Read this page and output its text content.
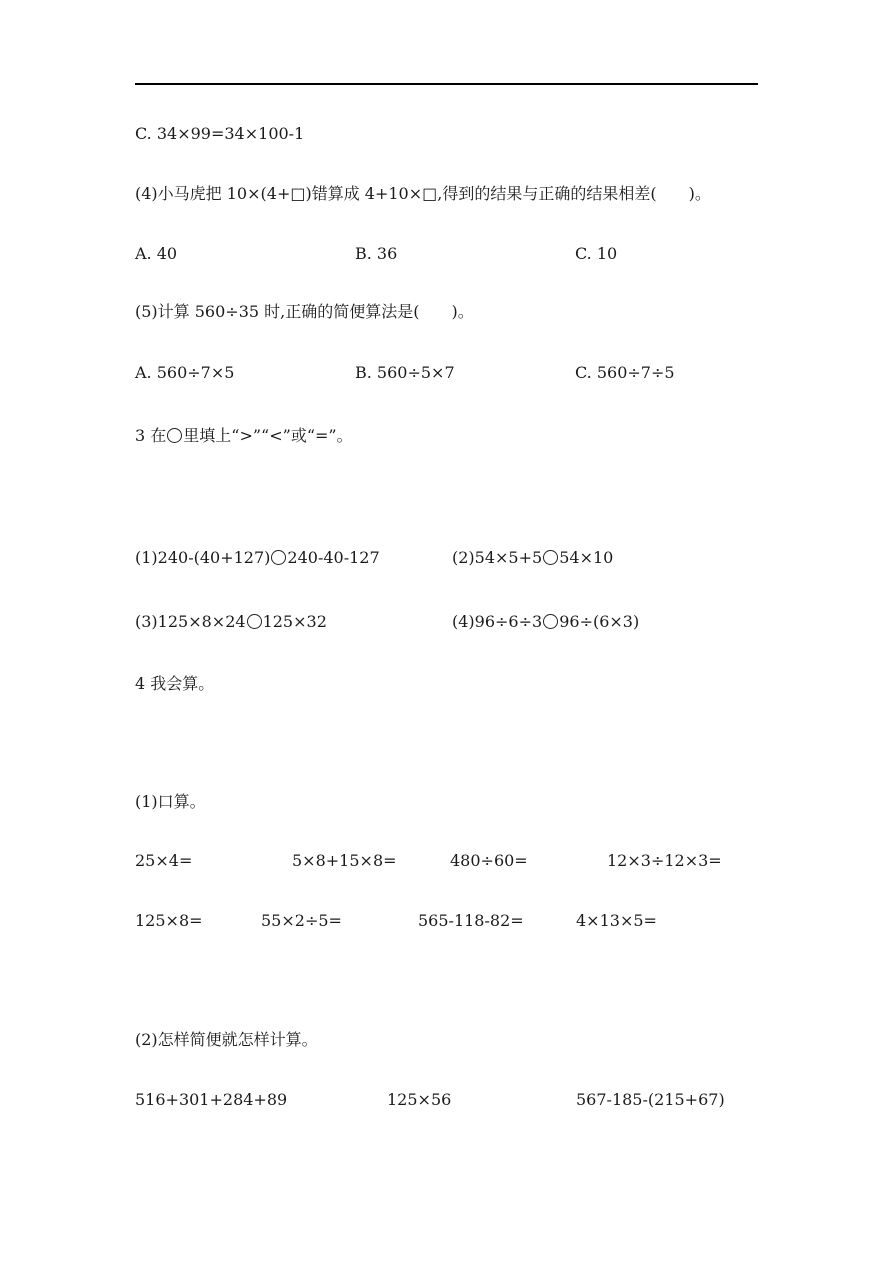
C. 34×99=34×100-1
(4)小马虎把 10×(4+□)错算成 4+10×□,得到的结果与正确的结果相差(　　)。
A. 40	B. 36	C. 10
(5)计算 560÷35 时,正确的简便算法是(　　)。
A. 560÷7×5	B. 560÷5×7	C. 560÷7÷5
3 在 里填上“>”“<”或“=”。
(1)240-(40+127) 240-40-127	(2)54×5+5 54×10
(3)125×8×24 125×32	(4)96÷6÷3 96÷(6×3)
4 我会算。
(1)口算。
25×4=	5×8+15×8=	480÷60=	12×3÷12×3=
125×8=	55×2÷5=	565-118-82=	4×13×5=
(2)怎样简便就怎样计算。
516+301+284+89	125×56	567-185-(215+67)
